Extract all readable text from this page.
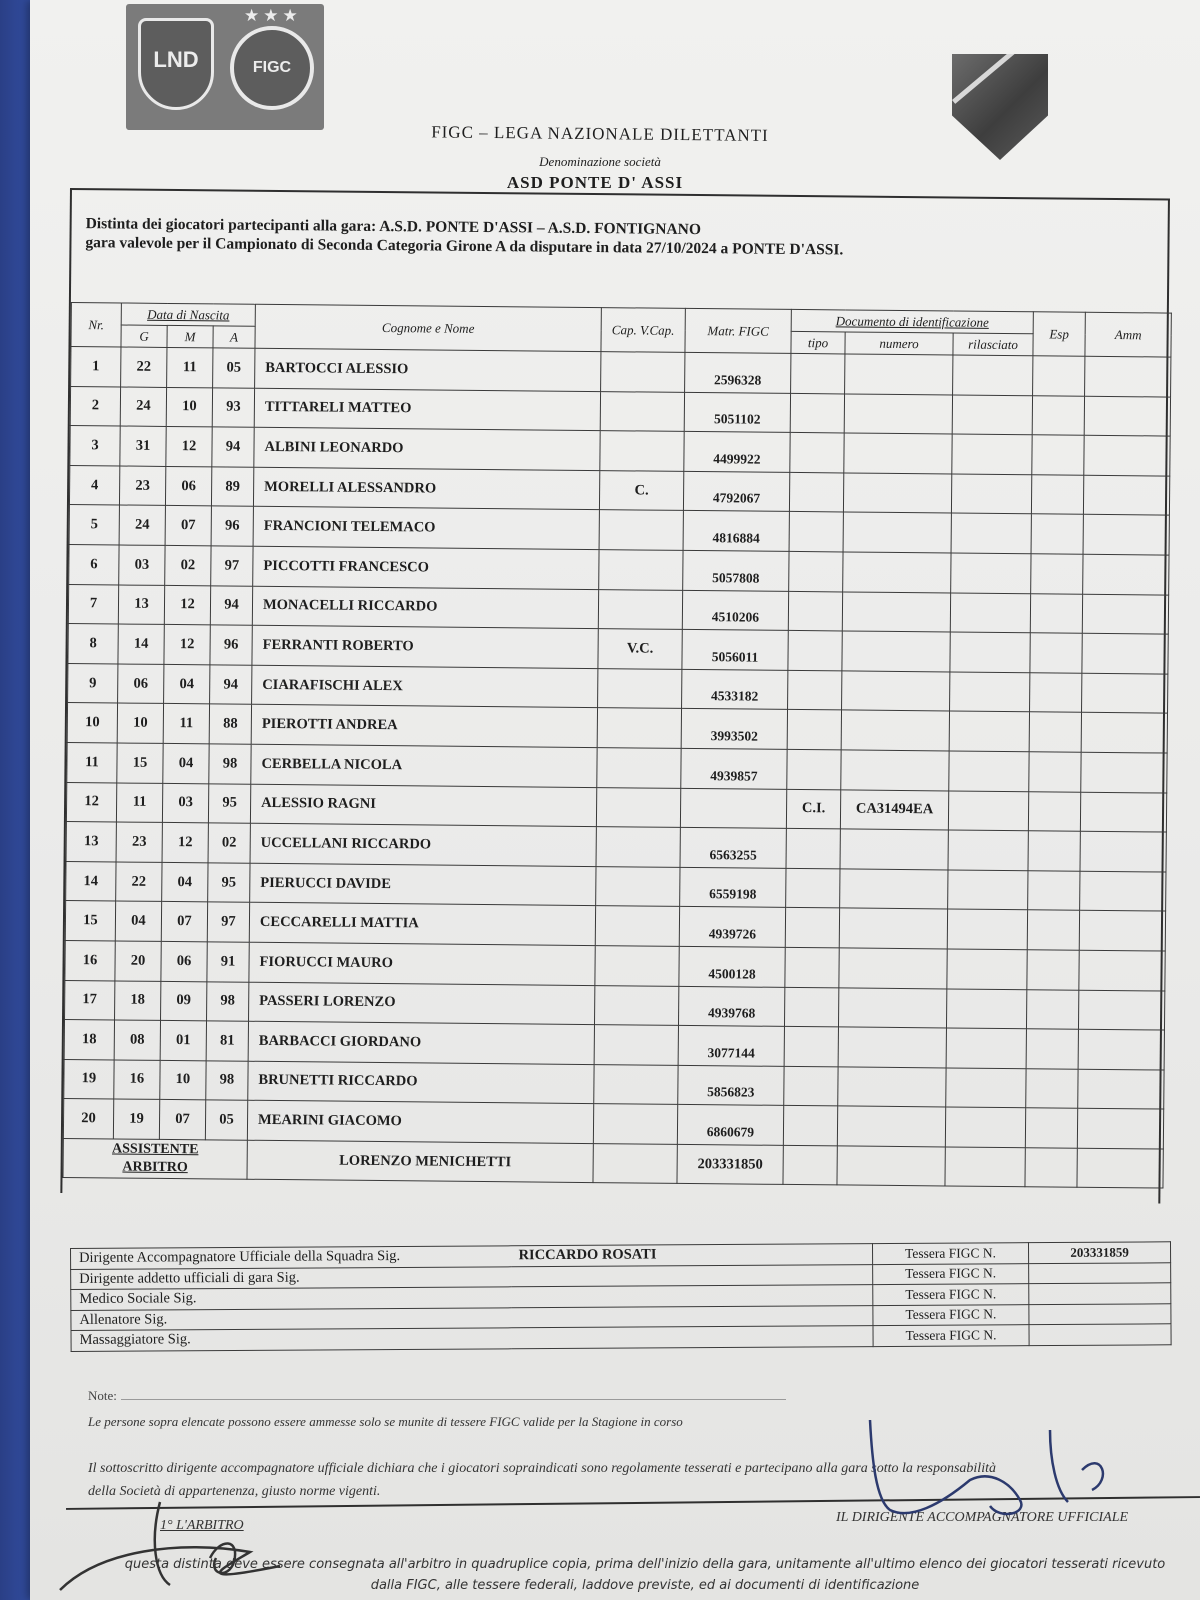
LND
★★★
FIGC
FIGC – LEGA NAZIONALE DILETTANTI
Denominazione società
ASD PONTE D' ASSI
Distinta dei giocatori partecipanti alla gara: A.S.D. PONTE D'ASSI – A.S.D. FONTIGNANO
gara valevole per il Campionato di Seconda Categoria Girone A da disputare in data 27/10/2024 a PONTE D'ASSI.
Nr.	Data di Nascita			Cognome e Nome	Cap. V.Cap.	Matr. FIGC	Documento di identificazione			Esp	Amm
	G	M	A				tipo	numero	rilasciato		
1	22	11	05	BARTOCCI ALESSIO		2596328					
2	24	10	93	TITTARELI MATTEO		5051102					
3	31	12	94	ALBINI LEONARDO		4499922					
4	23	06	89	MORELLI ALESSANDRO	C.	4792067					
5	24	07	96	FRANCIONI TELEMACO		4816884					
6	03	02	97	PICCOTTI FRANCESCO		5057808					
7	13	12	94	MONACELLI RICCARDO		4510206					
8	14	12	96	FERRANTI ROBERTO	V.C.	5056011					
9	06	04	94	CIARAFISCHI ALEX		4533182					
10	10	11	88	PIEROTTI ANDREA		3993502					
11	15	04	98	CERBELLA NICOLA		4939857					
12	11	03	95	ALESSIO RAGNI			C.I.	CA31494EA			
13	23	12	02	UCCELLANI RICCARDO		6563255					
14	22	04	95	PIERUCCI DAVIDE		6559198					
15	04	07	97	CECCARELLI MATTIA		4939726					
16	20	06	91	FIORUCCI MAURO		4500128					
17	18	09	98	PASSERI LORENZO		4939768					
18	08	01	81	BARBACCI GIORDANO		3077144					
19	16	10	98	BRUNETTI RICCARDO		5856823					
20	19	07	05	MEARINI GIACOMO		6860679					

ASSISTENTE
ARBITRO				LORENZO MENICHETTI		203331850					
Dirigente Accompagnatore Ufficiale della Squadra Sig.	RICCARDO ROSATI	Tessera FIGC N.	203331859
Dirigente addetto ufficiali di gara Sig.		Tessera FIGC N.	
Medico Sociale Sig.		Tessera FIGC N.	
Allenatore Sig.		Tessera FIGC N.	
Massaggiatore Sig.		Tessera FIGC N.	
Note:
Le persone sopra elencate possono essere ammesse solo se munite di tessere FIGC valide per la Stagione in corso
Il sottoscritto dirigente accompagnatore ufficiale dichiara che i giocatori sopraindicati sono regolamente tesserati e partecipano alla gara sotto la responsabilità
della Società di appartenenza, giusto norme vigenti.
1° L'ARBITRO
IL DIRIGENTE ACCOMPAGNATORE UFFICIALE
questa distinta deve essere consegnata all'arbitro in quadruplice copia, prima dell'inizio della gara, unitamente all'ultimo elenco dei giocatori tesserati ricevuto
dalla FIGC, alle tessere federali, laddove previste, ed ai documenti di identificazione
